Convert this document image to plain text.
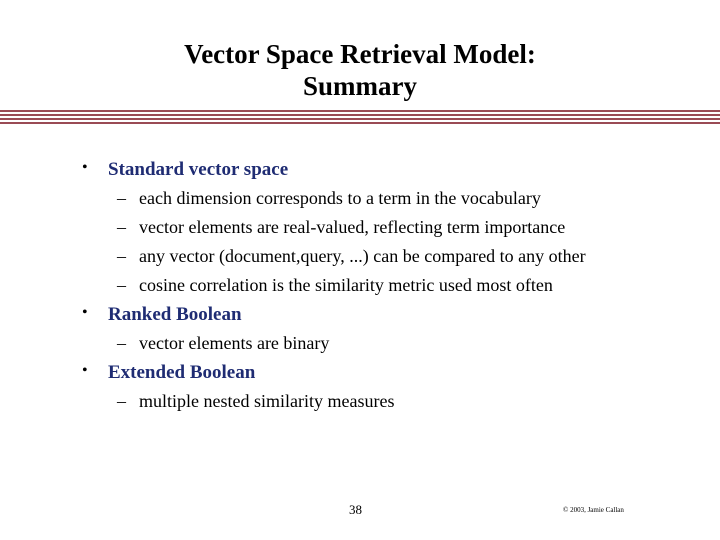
Vector Space Retrieval Model:
Summary
• Standard vector space
– each dimension corresponds to a term in the vocabulary
– vector elements are real-valued, reflecting term importance
– any vector (document,query, ...) can be compared to any other
– cosine correlation is the similarity metric used most often
• Ranked Boolean
– vector elements are binary
• Extended Boolean
– multiple nested similarity measures
38	© 2003, Jamie Callan
